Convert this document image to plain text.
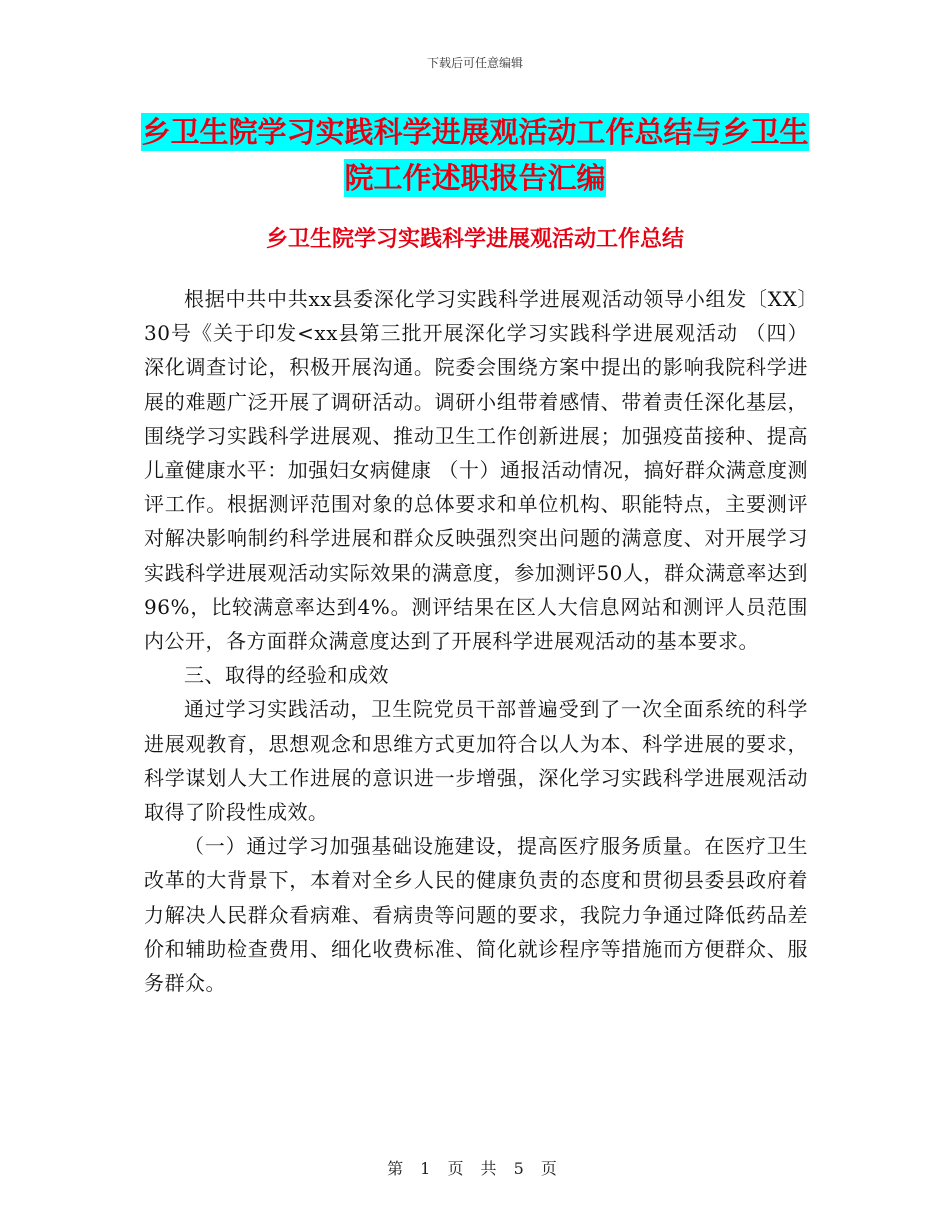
下载后可任意编辑
乡卫生院学习实践科学进展观活动工作总结与乡卫生
院工作述职报告汇编
乡卫生院学习实践科学进展观活动工作总结

根据中共中共xx县委深化学习实践科学进展观活动领导小组发〔XX〕30号《关于印发<xx县第三批开展深化学习实践科学进展观活动 （四）深化调查讨论，积极开展沟通。院委会围绕方案中提出的影响我院科学进展的难题广泛开展了调研活动。调研小组带着感情、带着责任深化基层，围绕学习实践科学进展观、推动卫生工作创新进展；加强疫苗接种、提高儿童健康水平：加强妇女病健康 （十）通报活动情况，搞好群众满意度测评工作。根据测评范围对象的总体要求和单位机构、职能特点，主要测评对解决影响制约科学进展和群众反映强烈突出问题的满意度、对开展学习实践科学进展观活动实际效果的满意度，参加测评50人，群众满意率达到96%，比较满意率达到4%。测评结果在区人大信息网站和测评人员范围内公开，各方面群众满意度达到了开展科学进展观活动的基本要求。

三、取得的经验和成效

通过学习实践活动，卫生院党员干部普遍受到了一次全面系统的科学进展观教育，思想观念和思维方式更加符合以人为本、科学进展的要求，科学谋划人大工作进展的意识进一步增强，深化学习实践科学进展观活动取得了阶段性成效。

（一）通过学习加强基础设施建设，提高医疗服务质量。在医疗卫生改革的大背景下，本着对全乡人民的健康负责的态度和贯彻县委县政府着力解决人民群众看病难、看病贵等问题的要求，我院力争通过降低药品差价和辅助检查费用、细化收费标准、简化就诊程序等措施而方便群众、服务群众。

第 1 页 共 5 页
